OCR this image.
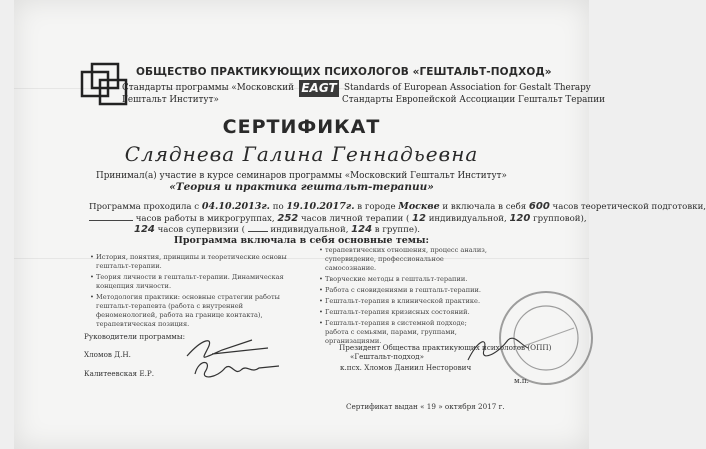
ОБЩЕСТВО ПРАКТИКУЮЩИХ ПСИХОЛОГОВ «ГЕШТАЛЬТ-ПОДХОД»
Стандарты программы «Московский
Гештальт Институт»
EAGT Standards of European Association for Gestalt Therapy
Стандарты Европейской Ассоциации Гештальт Терапии
СЕРТИФИКАТ
Сляднева Галина Геннадьевна
Принимал(а) участие в курсе семинаров программы «Московский Гештальт Институт»
«Теория и практика гештальт-терапии»
Программа проходила с 04.10.2013г. по 19.10.2017г. в городе Москве и включала в себя 600 часов теоретической подготовки,
часов работы в микрогруппах, 252 часов личной терапии ( 12 индивидуальной, 120 групповой),
124 часов супервизии (	индивидуальной, 124 в группе).
Программа включала в себя основные темы:
• История, понятия, принципы и теоретические основы гештальт-терапии.
• Теория личности в гештальт-терапии. Динамическая концепция личности.
• Методология практики: основные стратегии работы гештальт-терапевта (работа с внутренней феноменологией, работа на границе контакта), терапевтическая позиция.
• терапевтических отношения, процесс анализ, супервидение, профессиональное самосознание.
• Творческие методы в гештальт-терапии.
• Работа с сновидениями в гештальт-терапии.
• Гештальт-терапия в клинической практике.
• Гештальт-терапия кризисных состояний.
• Гештальт-терапия в системной подходе; работа с семьями, парами, группами, организациями.
Руководители программы:
Хломов Д.Н.
Калитеевская Е.Р.
Президент Общества практикующих психологов (ОПП)
«Гештальт-подход»
к.псх. Хломов Даниил Несторович
м.п.
Сертификат выдан « 19 » октября 2017 г.
